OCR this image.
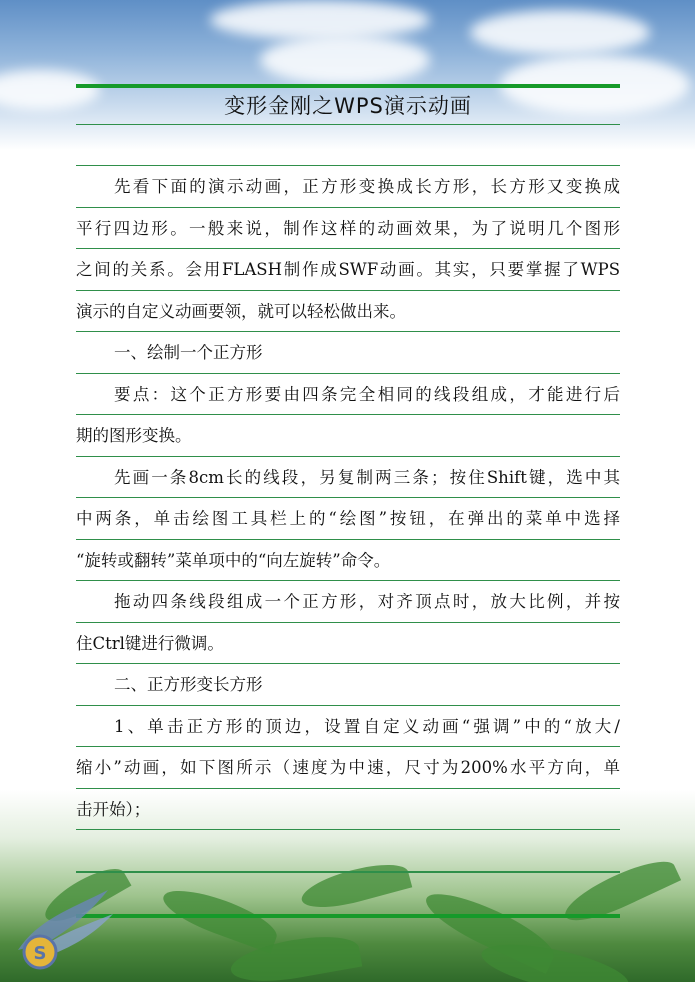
变形金刚之WPS演示动画
先看下面的演示动画，正方形变换成长方形，长方形又变换成
平行四边形。一般来说，制作这样的动画效果，为了说明几个图形
之间的关系。会用FLASH制作成SWF动画。其实，只要掌握了WPS
演示的自定义动画要领，就可以轻松做出来。
一、绘制一个正方形
要点：这个正方形要由四条完全相同的线段组成，才能进行后
期的图形变换。
先画一条8cm长的线段，另复制两三条；按住Shift键，选中其
中两条，单击绘图工具栏上的“绘图”按钮，在弹出的菜单中选择
“旋转或翻转”菜单项中的“向左旋转”命令。
拖动四条线段组成一个正方形，对齐顶点时，放大比例，并按
住Ctrl键进行微调。
二、正方形变长方形
1、单击正方形的顶边，设置自定义动画“强调”中的“放大/
缩小”动画，如下图所示（速度为中速，尺寸为200%水平方向，单
击开始）；
S
